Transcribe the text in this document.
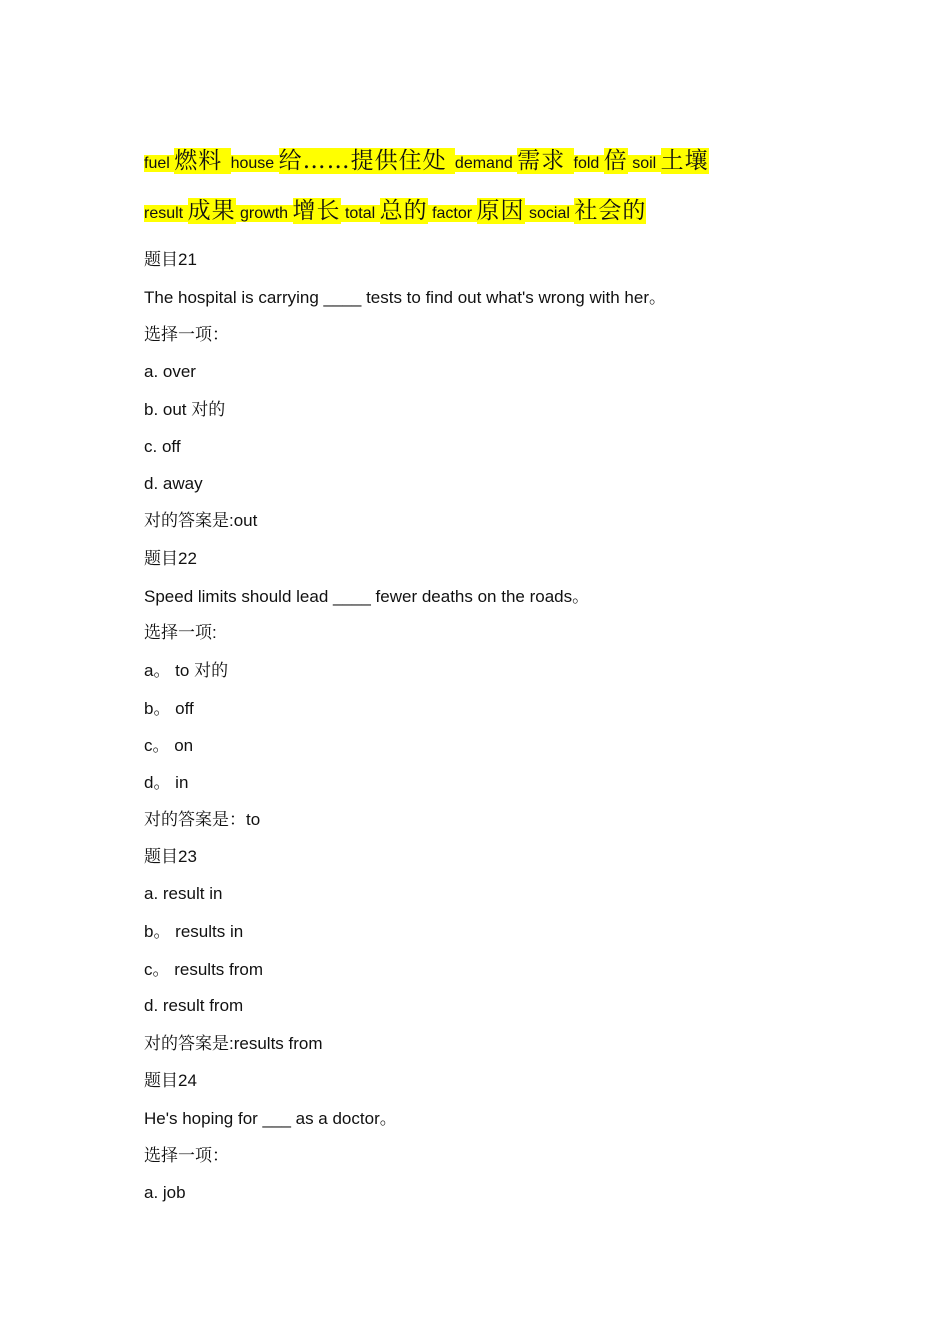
fuel 燃料 house 给……提供住处 demand 需求 fold 倍 soil 土壤
result 成果 growth 增长 total 总的 factor 原因 social 社会的
题目21
The hospital is carrying ____ tests to find out what's wrong with her。
选择一项：
a. over
b. out 对的
c. off
d. away
对的答案是:out
题目22
Speed limits should lead ____ fewer deaths on the roads。
选择一项:
a。 to 对的
b。 off
c。 on
d。 in
对的答案是：to
题目23
a. result in
b。 results in
c。 results from
d. result from
对的答案是:results from
题目24
He's hoping for ___ as a doctor。
选择一项：
a. job
